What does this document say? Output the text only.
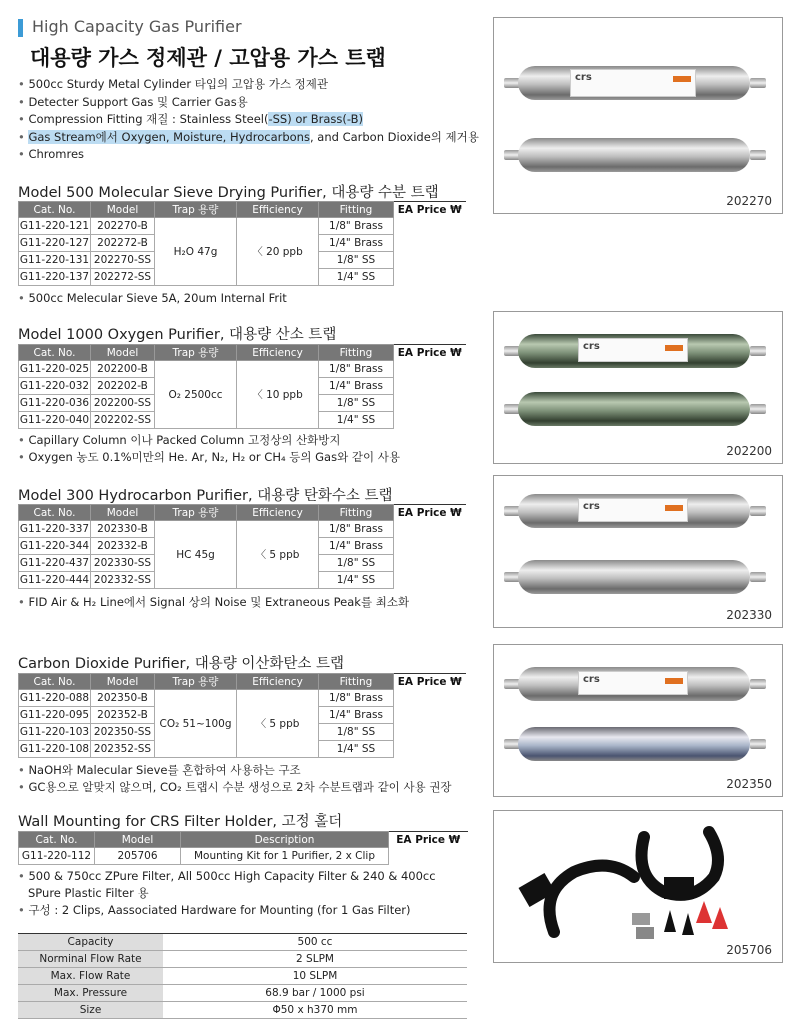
High Capacity Gas Purifier
대용량 가스 정제관 / 고압용 가스 트랩
• 500cc Sturdy Metal Cylinder 타입의 고압용 가스 정제관
• Detecter Support Gas 및 Carrier Gas용
• Compression Fitting 재질 : Stainless Steel(-SS) or Brass(-B)
• Gas Stream에서 Oxygen, Moisture, Hydrocarbons, and Carbon Dioxide의 제거용
• Chromres
Model 500 Molecular Sieve Drying Purifier, 대용량 수분 트랩
Cat. No.	Model	Trap 용량	Efficiency	Fitting	EA Price ₩
G11-220-121	202270-B	H₂O 47g	〈 20 ppb	1/8" Brass	
G11-220-127	202272-B			1/4" Brass	
G11-220-131	202270-SS			1/8" SS	
G11-220-137	202272-SS			1/4" SS	
• 500cc Melecular Sieve 5A, 20um Internal Frit
Model 1000 Oxygen Purifier, 대용량 산소 트랩
Cat. No.	Model	Trap 용량	Efficiency	Fitting	EA Price ₩
G11-220-025	202200-B	O₂ 2500cc	〈 10 ppb	1/8" Brass	
G11-220-032	202202-B			1/4" Brass	
G11-220-036	202200-SS			1/8" SS	
G11-220-040	202202-SS			1/4" SS	
• Capillary Column 이나 Packed Column 고정상의 산화방지
• Oxygen 농도 0.1%미만의 He. Ar, N₂, H₂ or CH₄ 등의 Gas와 같이 사용
Model 300 Hydrocarbon Purifier, 대용량 탄화수소 트랩
Cat. No.	Model	Trap 용량	Efficiency	Fitting	EA Price ₩
G11-220-337	202330-B	HC 45g	〈 5 ppb	1/8" Brass	
G11-220-344	202332-B			1/4" Brass	
G11-220-437	202330-SS			1/8" SS	
G11-220-444	202332-SS			1/4" SS	
• FID Air & H₂ Line에서 Signal 상의 Noise 및 Extraneous Peak를 최소화
Carbon Dioxide Purifier, 대용량 이산화탄소 트랩
Cat. No.	Model	Trap 용량	Efficiency	Fitting	EA Price ₩
G11-220-088	202350-B	CO₂ 51~100g	〈 5 ppb	1/8" Brass	
G11-220-095	202352-B			1/4" Brass	
G11-220-103	202350-SS			1/8" SS	
G11-220-108	202352-SS			1/4" SS	
• NaOH와 Malecular Sieve를 혼합하여 사용하는 구조
• GC용으로 알맞지 않으며, CO₂ 트랩시 수분 생성으로 2차 수분트랩과 같이 사용 권장
Wall Mounting for CRS Filter Holder, 고정 홀더
Cat. No.	Model	Description	EA Price ₩
G11-220-112	205706	Mounting Kit for 1 Purifier, 2 x Clip	
• 500 & 750cc ZPure Filter, All 500cc High Capacity Filter & 240 & 400cc
SPure Plastic Filter 용
• 구성 : 2 Clips, Aassociated Hardware for Mounting (for 1 Gas Filter)
Capacity	500 cc
Norminal Flow Rate	2 SLPM
Max. Flow Rate	10 SLPM
Max. Pressure	68.9 bar / 1000 psi
Size	Φ50 x h370 mm
crs
202270
crs
202200
crs
202330
crs
202350
205706
